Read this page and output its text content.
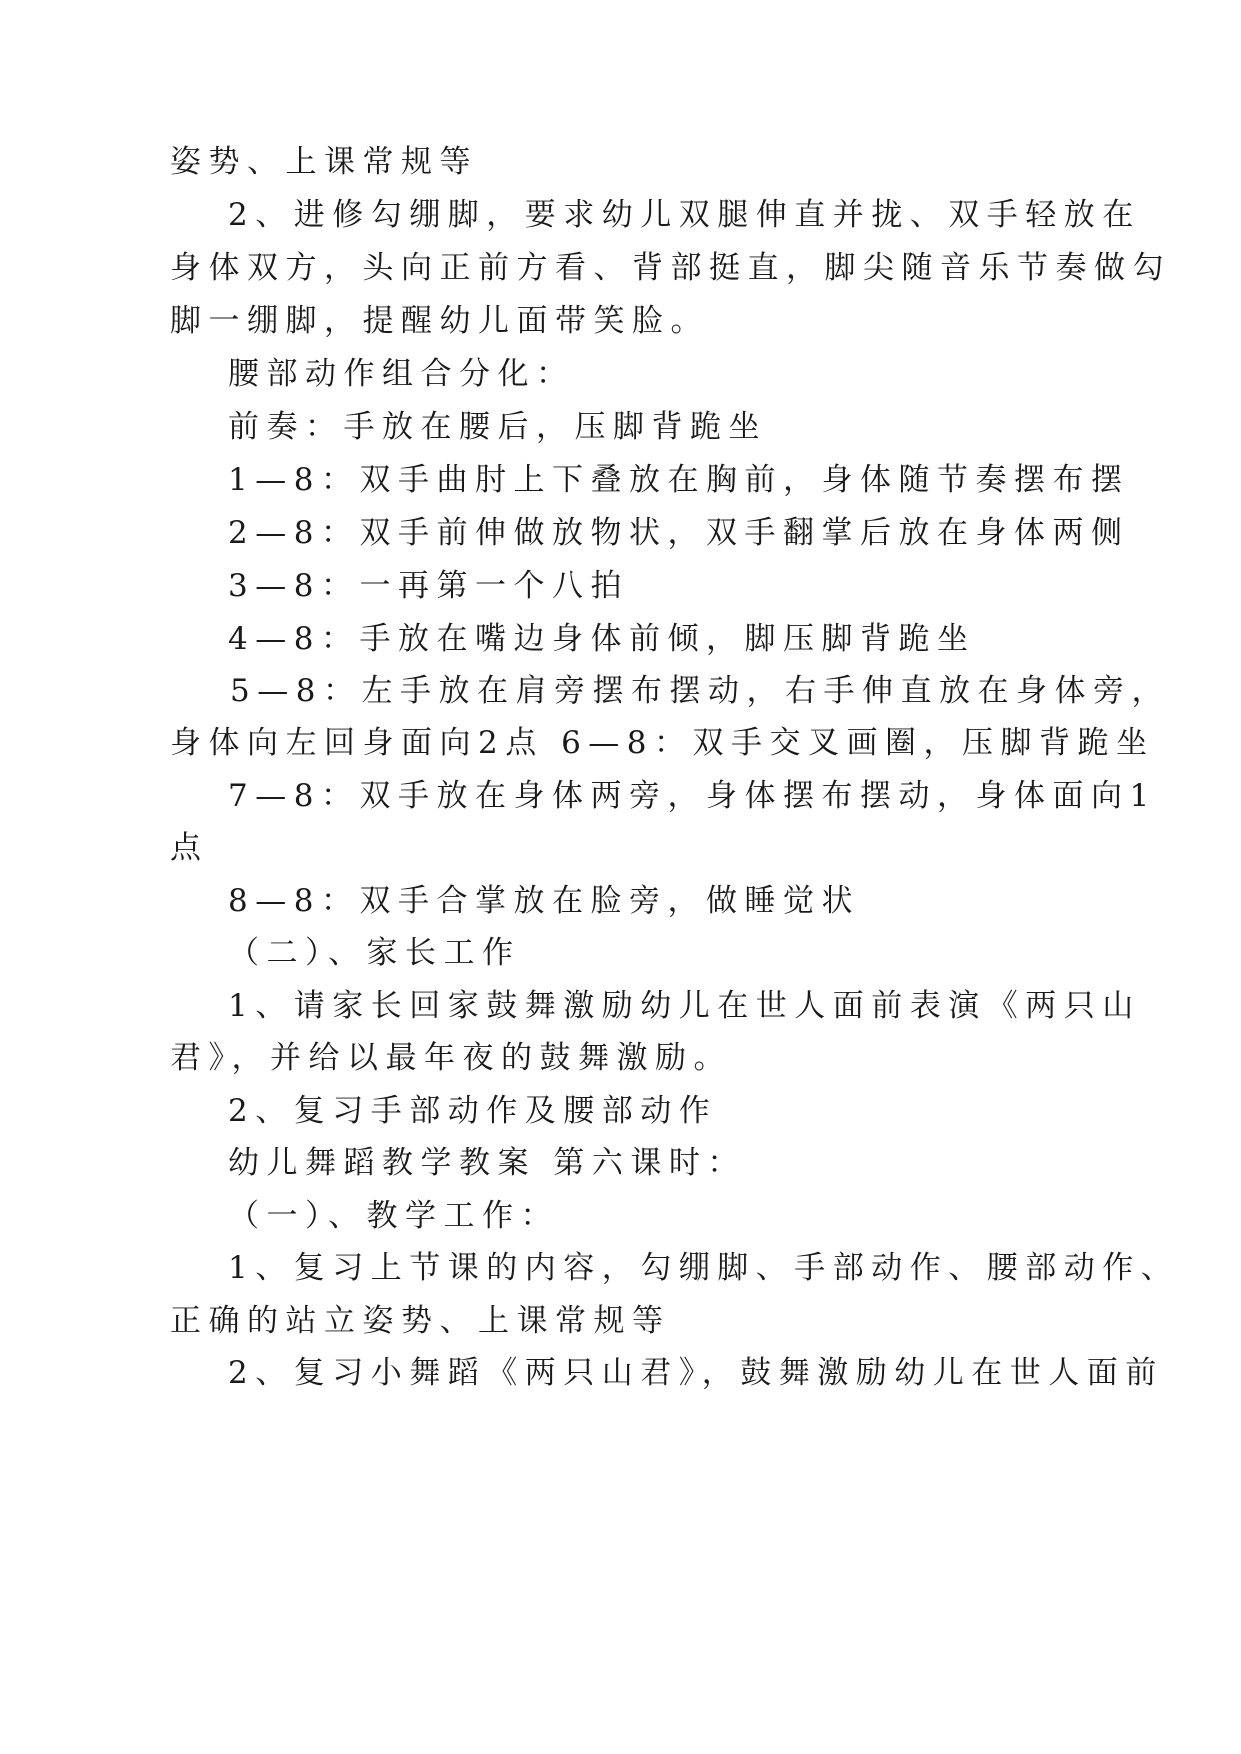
姿势、上课常规等
2、进修勾绷脚，要求幼儿双腿伸直并拢、双手轻放在
身体双方，头向正前方看、背部挺直，脚尖随音乐节奏做勾
脚一绷脚，提醒幼儿面带笑脸。
腰部动作组合分化：
前奏：手放在腰后，压脚背跪坐
1—8：双手曲肘上下叠放在胸前，身体随节奏摆布摆
2—8：双手前伸做放物状，双手翻掌后放在身体两侧
3—8：一再第一个八拍
4—8：手放在嘴边身体前倾，脚压脚背跪坐
5—8：左手放在肩旁摆布摆动，右手伸直放在身体旁，
身体向左回身面向2点 6—8：双手交叉画圈，压脚背跪坐
7—8：双手放在身体两旁，身体摆布摆动，身体面向1
点
8—8：双手合掌放在脸旁，做睡觉状
（二）、家长工作
1、请家长回家鼓舞激励幼儿在世人面前表演《两只山
君》，并给以最年夜的鼓舞激励。
2、复习手部动作及腰部动作
幼儿舞蹈教学教案 第六课时：
（一）、教学工作：
1、复习上节课的内容，勾绷脚、手部动作、腰部动作、
正确的站立姿势、上课常规等
2、复习小舞蹈《两只山君》，鼓舞激励幼儿在世人面前
